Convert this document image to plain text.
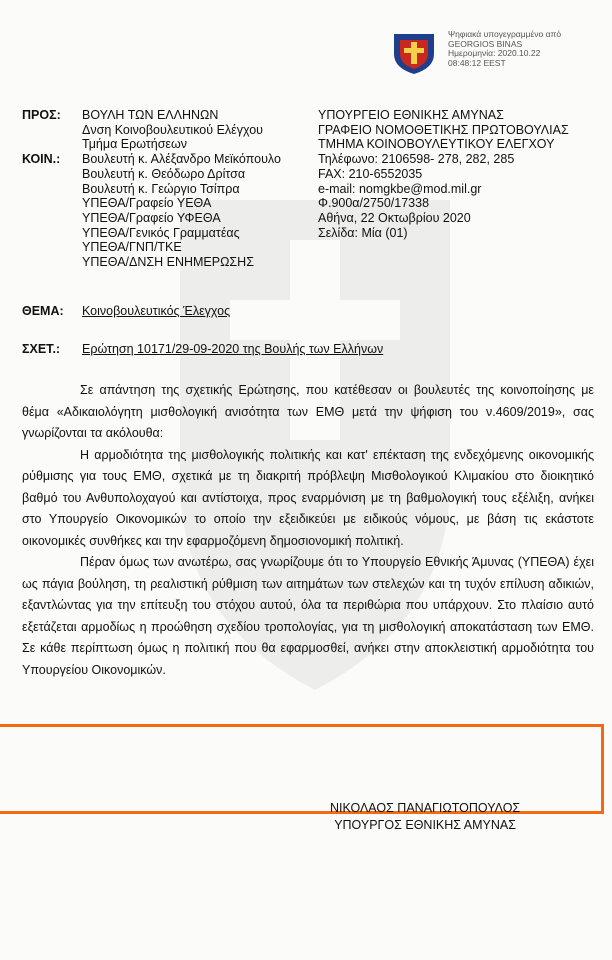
Ψηφιακά υπογεγραμμένο από
GEORGIOS BINAS
Ημερομηνία: 2020.10.22
08:48:12 EEST
ΠΡΟΣ:	ΒΟΥΛΗ ΤΩΝ ΕΛΛΗΝΩΝ
Δνση Κοινοβουλευτικού Ελέγχου
Τμήμα Ερωτήσεων
ΚΟΙΝ.:	Βουλευτή κ. Αλέξανδρο Μεϊκόπουλο
Βουλευτή κ. Θεόδωρο Δρίτσα
Βουλευτή κ. Γεώργιο Τσίπρα
ΥΠΕΘΑ/Γραφείο ΥΕΘΑ
ΥΠΕΘΑ/Γραφείο ΥΦΕΘΑ
ΥΠΕΘΑ/Γενικός Γραμματέας
ΥΠΕΘΑ/ΓΝΠ/ΤΚΕ
ΥΠΕΘΑ/ΔΝΣΗ ΕΝΗΜΕΡΩΣΗΣ
ΥΠΟΥΡΓΕΙΟ ΕΘΝΙΚΗΣ ΑΜΥΝΑΣ
ΓΡΑΦΕΙΟ ΝΟΜΟΘΕΤΙΚΗΣ ΠΡΩΤΟΒΟΥΛΙΑΣ
ΤΜΗΜΑ ΚΟΙΝΟΒΟΥΛΕΥΤΙΚΟΥ ΕΛΕΓΧΟΥ
Τηλέφωνο: 2106598- 278, 282, 285
FAX: 210-6552035
e-mail: nomgkbe@mod.mil.gr
Φ.900α/2750/17338
Αθήνα, 22 Οκτωβρίου 2020
Σελίδα: Μία (01)
ΘΕΜΑ: Κοινοβουλευτικός Έλεγχος
ΣΧΕΤ.: Ερώτηση 10171/29-09-2020 της Βουλής των Ελλήνων

Σε απάντηση της σχετικής Ερώτησης, που κατέθεσαν οι βουλευτές της κοινοποίησης με θέμα «Αδικαιολόγητη μισθολογική ανισότητα των ΕΜΘ μετά την ψήφιση του ν.4609/2019», σας γνωρίζονται τα ακόλουθα:

Η αρμοδιότητα της μισθολογικής πολιτικής και κατ' επέκταση της ενδεχόμενης οικονομικής ρύθμισης για τους ΕΜΘ, σχετικά με τη διακριτή πρόβλεψη Μισθολογικού Κλιμακίου στο διοικητικό βαθμό του Ανθυπολοχαγού και αντίστοιχα, προς εναρμόνιση με τη βαθμολογική τους εξέλιξη, ανήκει στο Υπουργείο Οικονομικών το οποίο την εξειδικεύει με ειδικούς νόμους, με βάση τις εκάστοτε οικονομικές συνθήκες και την εφαρμοζόμενη δημοσιονομική πολιτική.

Πέραν όμως των ανωτέρω, σας γνωρίζουμε ότι το Υπουργείο Εθνικής Άμυνας (ΥΠΕΘΑ) έχει ως πάγια βούληση, τη ρεαλιστική ρύθμιση των αιτημάτων των στελεχών και τη τυχόν επίλυση αδικιών, εξαντλώντας για την επίτευξη του στόχου αυτού, όλα τα περιθώρια που υπάρχουν. Στο πλαίσιο αυτό εξετάζεται αρμοδίως η προώθηση σχεδίου τροπολογίας, για τη μισθολογική αποκατάσταση των ΕΜΘ. Σε κάθε περίπτωση όμως η πολιτική που θα εφαρμοσθεί, ανήκει στην αποκλειστική αρμοδιότητα του Υπουργείου Οικονομικών.

ΝΙΚΟΛΑΟΣ ΠΑΝΑΓΙΩΤΟΠΟΥΛΟΣ
ΥΠΟΥΡΓΟΣ ΕΘΝΙΚΗΣ ΑΜΥΝΑΣ
